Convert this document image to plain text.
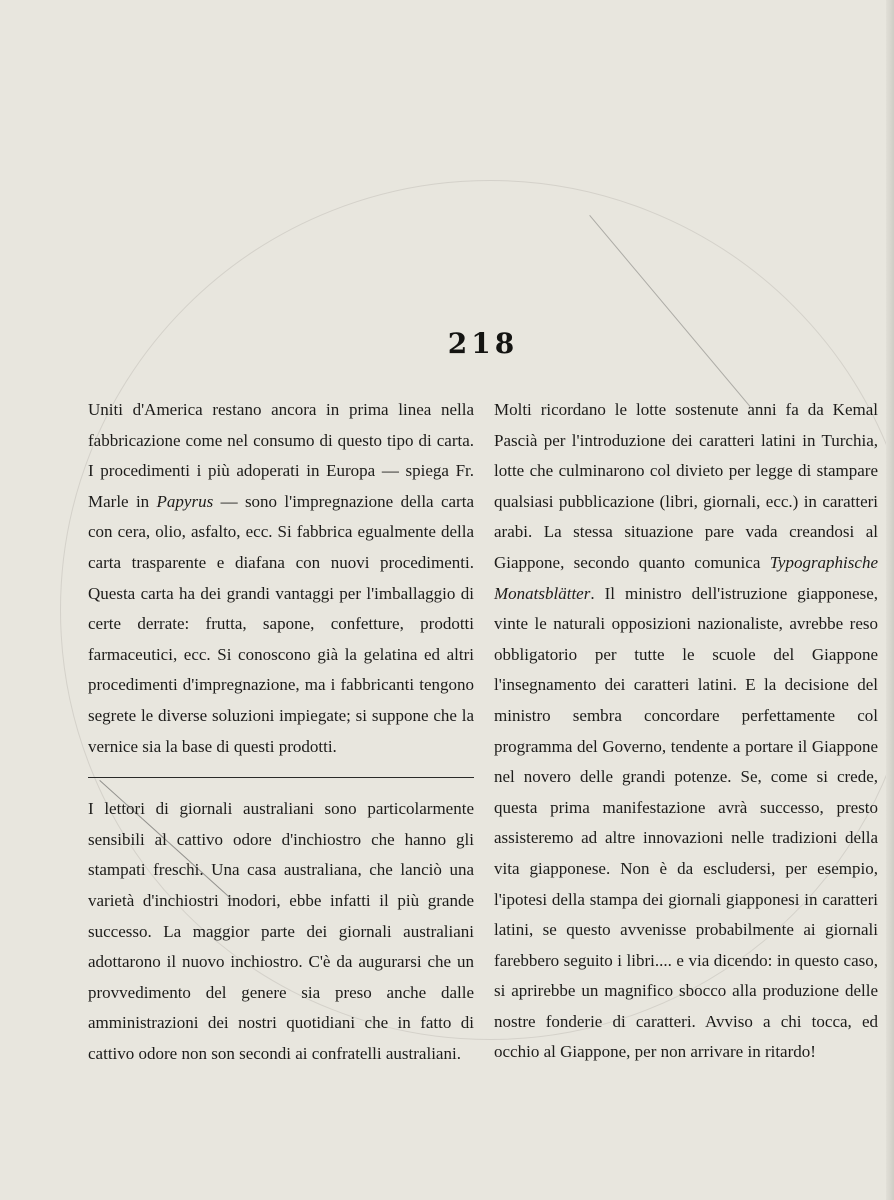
218

Uniti d'America restano ancora in prima linea nella fabbricazione come nel consumo di questo tipo di carta. I procedimenti i più adoperati in Europa — spiega Fr. Marle in Papyrus — sono l'impregnazione della carta con cera, olio, asfalto, ecc. Si fabbrica egualmente della carta trasparente e diafana con nuovi procedimenti. Questa carta ha dei grandi vantaggi per l'imballaggio di certe derrate: frutta, sapone, confetture, prodotti farmaceutici, ecc. Si conoscono già la gelatina ed altri procedimenti d'impregnazione, ma i fabbricanti tengono segrete le diverse soluzioni impiegate; si suppone che la vernice sia la base di questi prodotti.

I lettori di giornali australiani sono particolarmente sensibili al cattivo odore d'inchiostro che hanno gli stampati freschi. Una casa australiana, che lanciò una varietà d'inchiostri inodori, ebbe infatti il più grande successo. La maggior parte dei giornali australiani adottarono il nuovo inchiostro. C'è da augurarsi che un provvedimento del genere sia preso anche dalle amministrazioni dei nostri quotidiani che in fatto di cattivo odore non son secondi ai confratelli australiani.

Molti ricordano le lotte sostenute anni fa da Kemal Pascià per l'introduzione dei caratteri latini in Turchia, lotte che culminarono col divieto per legge di stampare qualsiasi pubblicazione (libri, giornali, ecc.) in caratteri arabi. La stessa situazione pare vada creandosi al Giappone, secondo quanto comunica Typographische Monatsblätter. Il ministro dell'istruzione giapponese, vinte le naturali opposizioni nazionaliste, avrebbe reso obbligatorio per tutte le scuole del Giappone l'insegnamento dei caratteri latini. E la decisione del ministro sembra concordare perfettamente col programma del Governo, tendente a portare il Giappone nel novero delle grandi potenze. Se, come si crede, questa prima manifestazione avrà successo, presto assisteremo ad altre innovazioni nelle tradizioni della vita giapponese. Non è da escludersi, per esempio, l'ipotesi della stampa dei giornali giapponesi in caratteri latini, se questo avvenisse probabilmente ai giornali farebbero seguito i libri.... e via dicendo: in questo caso, si aprirebbe un magnifico sbocco alla produzione delle nostre fonderie di caratteri. Avviso a chi tocca, ed occhio al Giappone, per non arrivare in ritardo!
